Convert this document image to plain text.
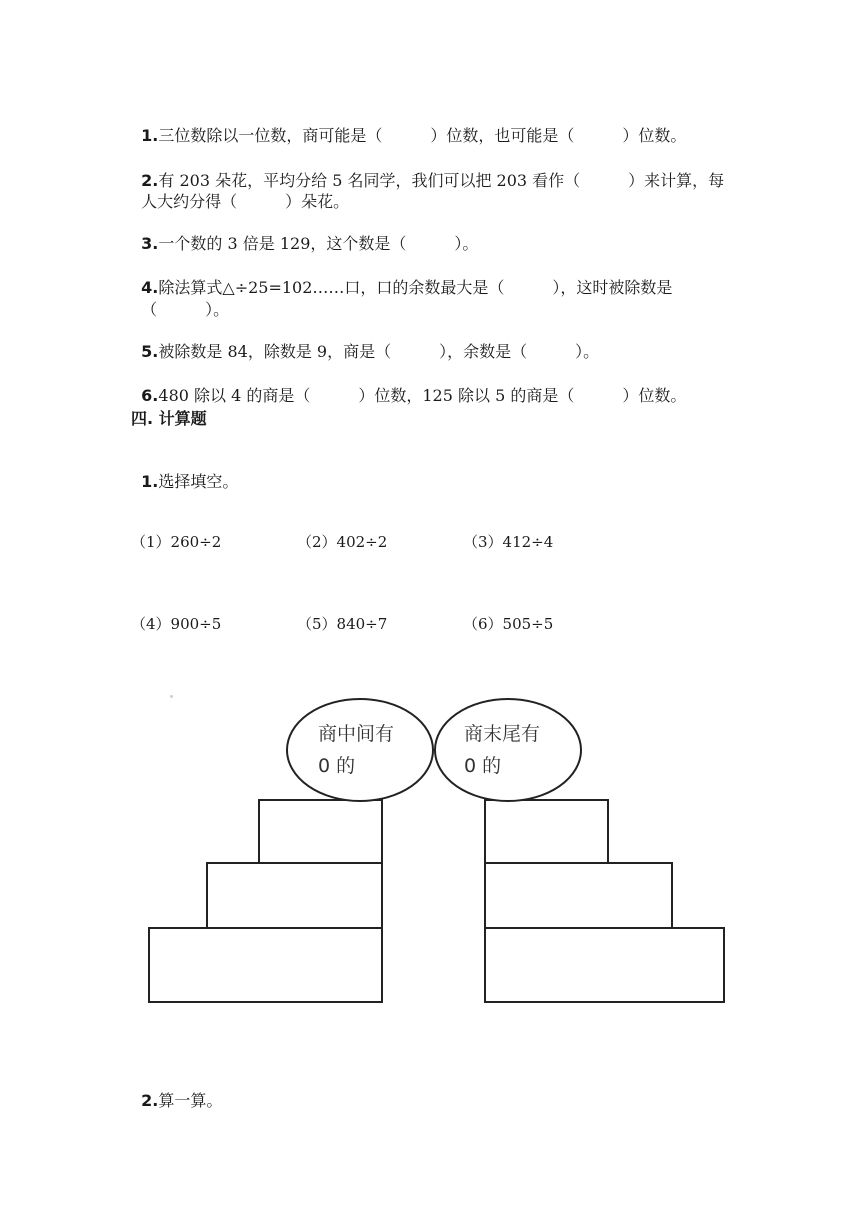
1.三位数除以一位数，商可能是（　　　）位数，也可能是（　　　）位数。

2.有 203 朵花，平均分给 5 名同学，我们可以把 203 看作（　　　）来计算，每

人大约分得（　　　）朵花。

3.一个数的 3 倍是 129，这个数是（　　　）。

4.除法算式△÷25=102……口，口的余数最大是（　　　），这时被除数是

（　　　）。

5.被除数是 84，除数是 9，商是（　　　），余数是（　　　）。

6.480 除以 4 的商是（　　　）位数，125 除以 5 的商是（　　　）位数。

四. 计算题

1.选择填空。

（1）260÷2	（2）402÷2	（3）412÷4
（4）900÷5	（5）840÷7	（6）505÷5
商中间有
0 的
商末尾有
0 的

2.算一算。
